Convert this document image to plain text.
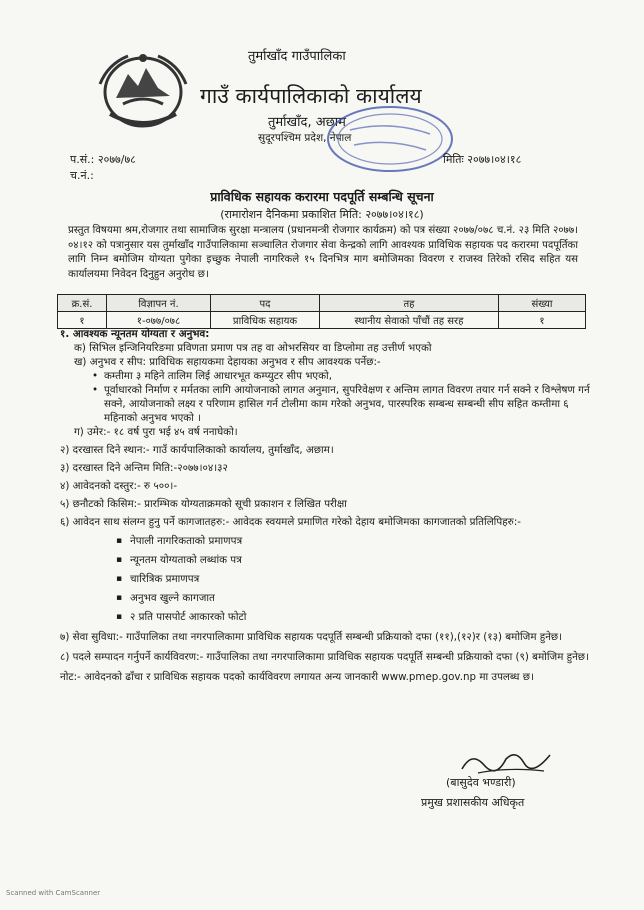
तुर्माखाँद गाउँपालिका
गाउँ कार्यपालिकाको कार्यालय
तुर्माखाँद, अछाम
सुदूरपश्चिम प्रदेश, नेपाल
प.सं.: २०७७/७८
च.नं.:
मितिः २०७७।०४।१८
प्राविधिक सहायक करारमा पदपूर्ति सम्बन्धि सूचना
(रामारोशन दैनिकमा प्रकाशित मिति: २०७७।०४।१८)
प्रस्तुत विषयमा श्रम,रोजगार तथा सामाजिक सुरक्षा मन्त्रालय (प्रधानमन्त्री रोजगार कार्यक्रम) को पत्र संख्या २०७७/०७८ च.नं. २३ मिति २०७७।०४।१२ को पत्रानुसार यस तुर्माखाँद गाउँपालिकामा सञ्चालित रोजगार सेवा केन्द्रको लागि आवश्यक प्राविधिक सहायक पद करारमा पदपूर्तिका लागि निम्न बमोजिम योग्यता पुगेका इच्छुक नेपाली नागरिकले १५ दिनभित्र माग बमोजिमका विवरण र राजस्व तिरेको रसिद सहित यस कार्यालयमा निवेदन दिनुहुन अनुरोध छ।
क्र.सं.	विज्ञापन नं.	पद	तह	संख्या
१	१-०७७/०७८	प्राविधिक सहायक	स्थानीय सेवाको पाँचौं तह सरह	१

१. आवश्यक न्यूनतम योग्यता र अनुभव:

क) सिभिल इन्जिनियरिङमा प्रविणता प्रमाण पत्र तह वा ओभरसियर वा डिप्लोमा तह उत्तीर्ण भएको

ख) अनुभव र सीप: प्राविधिक सहायकमा देहायका अनुभव र सीप आवश्यक पर्नेछ:-

• कम्तीमा ३ महिने तालिम लिई आधारभूत कम्प्युटर सीप भएको,

• पूर्वाधारको निर्माण र मर्मतका लागि आयोजनाको लागत अनुमान, सुपरिवेक्षण र अन्तिम लागत विवरण तयार गर्न सक्ने र विश्लेषण गर्न सक्ने, आयोजनाको लक्ष्य र परिणाम हासिल गर्न टोलीमा काम गरेको अनुभव, पारस्परिक सम्बन्ध सम्बन्धी सीप सहित कम्तीमा ६ महिनाको अनुभव भएको ।

ग) उमेर:- १८ वर्ष पुरा भई ४५ वर्ष ननाघेको।

२) दरखास्त दिने स्थान:- गाउँ कार्यपालिकाको कार्यालय, तुर्माखाँद, अछाम।

३) दरखास्त दिने अन्तिम मिति:-२०७७।०४।३२

४) आवेदनको दस्तुर:- रु ५००।-

५) छनौटको किसिम:- प्रारम्भिक योग्यताक्रमको सूची प्रकाशन र लिखित परीक्षा

६) आवेदन साथ संलग्न हुनु पर्ने कागजातहरु:- आवेदक स्वयमले प्रमाणित गरेको देहाय बमोजिमका कागजातको प्रतिलिपिहरु:-

▪ नेपाली नागरिकताको प्रमाणपत्र

▪ न्यूनतम योग्यताको लब्धांक पत्र

▪ चारित्रिक प्रमाणपत्र

▪ अनुभव खुल्ने कागजात

▪ २ प्रति पासपोर्ट आकारको फोटो

७) सेवा सुविधा:- गाउँपालिका तथा नगरपालिकामा प्राविधिक सहायक पदपूर्ति सम्बन्धी प्रक्रियाको दफा (११),(१२)र (१३) बमोजिम हुनेछ।

८) पदले सम्पादन गर्नुपर्ने कार्यविवरण:- गाउँपालिका तथा नगरपालिकामा प्राविधिक सहायक पदपूर्ति सम्बन्धी प्रक्रियाको दफा (९) बमोजिम हुनेछ।

नोट:- आवेदनको ढाँचा र प्राविधिक सहायक पदको कार्यविवरण लगायत अन्य जानकारी www.pmep.gov.np मा उपलब्ध छ।

(बासुदेव भण्डारी)
प्रमुख प्रशासकीय अधिकृत
Scanned with CamScanner
